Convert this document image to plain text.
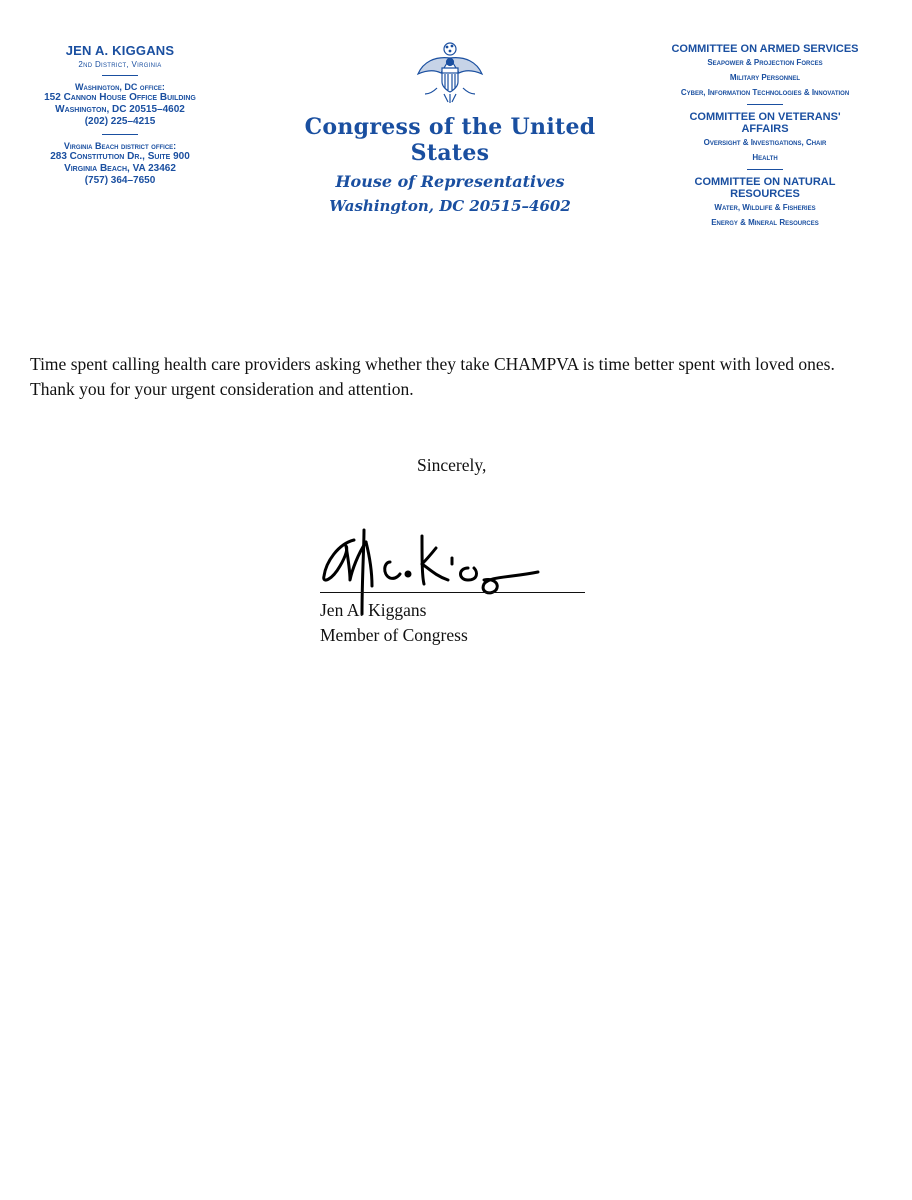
JEN A. KIGGANS
2nd District, Virginia
Washington, DC office:
152 Cannon House Office Building
Washington, DC 20515–4602
(202) 225–4215
Virginia Beach district office:
283 Constitution Dr., Suite 900
Virginia Beach, VA 23462
(757) 364–7650
Congress of the United States
House of Representatives
Washington, DC 20515–4602
COMMITTEE ON ARMED SERVICES
Seapower & Projection Forces
Military Personnel
Cyber, Information Technologies & Innovation
COMMITTEE ON VETERANS' AFFAIRS
Oversight & Investigations, Chair
Health
COMMITTEE ON NATURAL RESOURCES
Water, Wildlife & Fisheries
Energy & Mineral Resources
Time spent calling health care providers asking whether they take CHAMPVA is time better spent with loved ones. Thank you for your urgent consideration and attention.
Sincerely,
Jen A. Kiggans
Member of Congress
